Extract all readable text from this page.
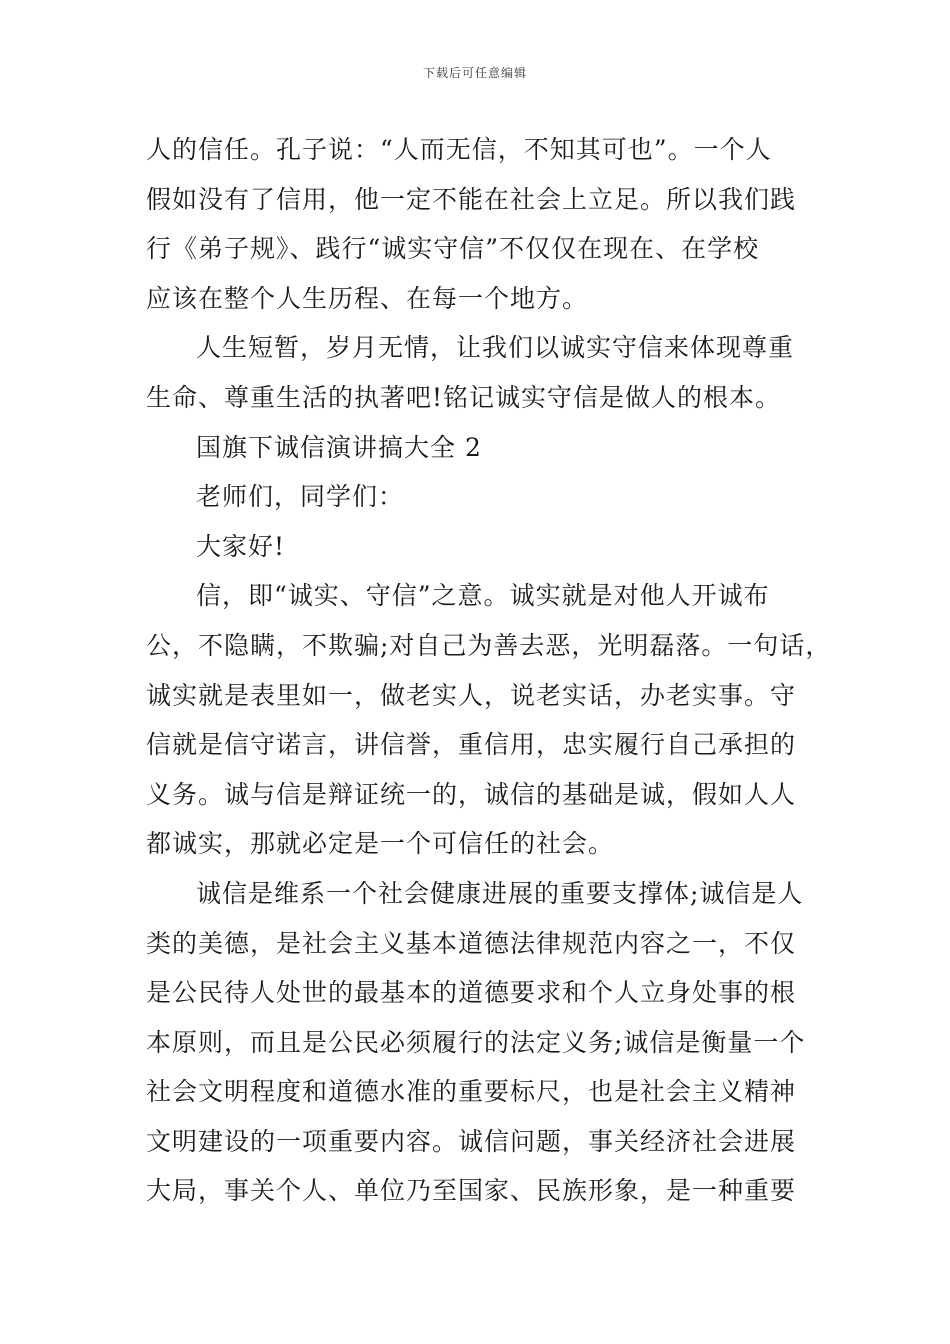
下载后可任意编辑
人的信任。孔子说：“人而无信，不知其可也”。一个人
假如没有了信用，他一定不能在社会上立足。所以我们践
行《弟子规》、践行“诚实守信”不仅仅在现在、在学校
应该在整个人生历程、在每一个地方。
人生短暂，岁月无情，让我们以诚实守信来体现尊重
生命、尊重生活的执著吧!铭记诚实守信是做人的根本。
国旗下诚信演讲搞大全 2
老师们，同学们：
大家好!
信，即“诚实、守信”之意。诚实就是对他人开诚布
公，不隐瞒，不欺骗;对自己为善去恶，光明磊落。一句话，
诚实就是表里如一，做老实人，说老实话，办老实事。守
信就是信守诺言，讲信誉，重信用，忠实履行自己承担的
义务。诚与信是辩证统一的，诚信的基础是诚，假如人人
都诚实，那就必定是一个可信任的社会。
诚信是维系一个社会健康进展的重要支撑体;诚信是人
类的美德，是社会主义基本道德法律规范内容之一，不仅
是公民待人处世的最基本的道德要求和个人立身处事的根
本原则，而且是公民必须履行的法定义务;诚信是衡量一个
社会文明程度和道德水准的重要标尺，也是社会主义精神
文明建设的一项重要内容。诚信问题，事关经济社会进展
大局，事关个人、单位乃至国家、民族形象，是一种重要
